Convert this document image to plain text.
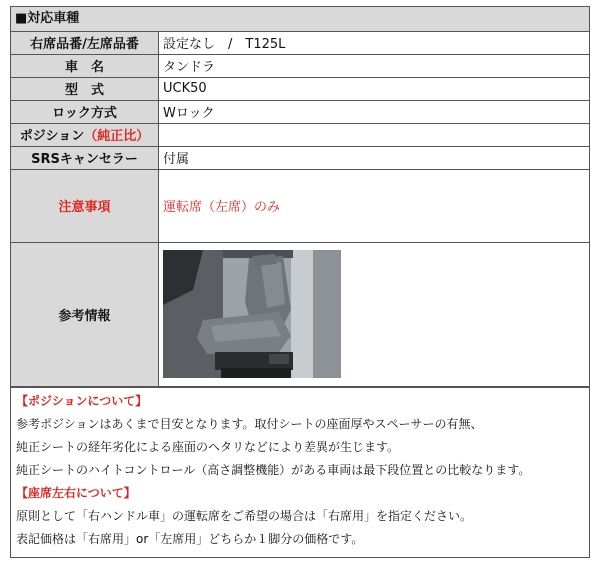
■対応車種
右席品番/左席品番	設定なし　/　T125L
車　名	タンドラ
型　式	UCK50
ロック方式	Wロック
ポジション（純正比）	
SRSキャンセラー	付属
注意事項	運転席（左席）のみ
参考情報	
【ポジションについて】
参考ポジションはあくまで目安となります。取付シートの座面厚やスペーサーの有無、
純正シートの経年劣化による座面のヘタリなどにより差異が生じます。
純正シートのハイトコントロール（高さ調整機能）がある車両は最下段位置との比較なります。
【座席左右について】
原則として「右ハンドル車」の運転席をご希望の場合は「右席用」を指定ください。
表記価格は「右席用」or「左席用」どちらか１脚分の価格です。
